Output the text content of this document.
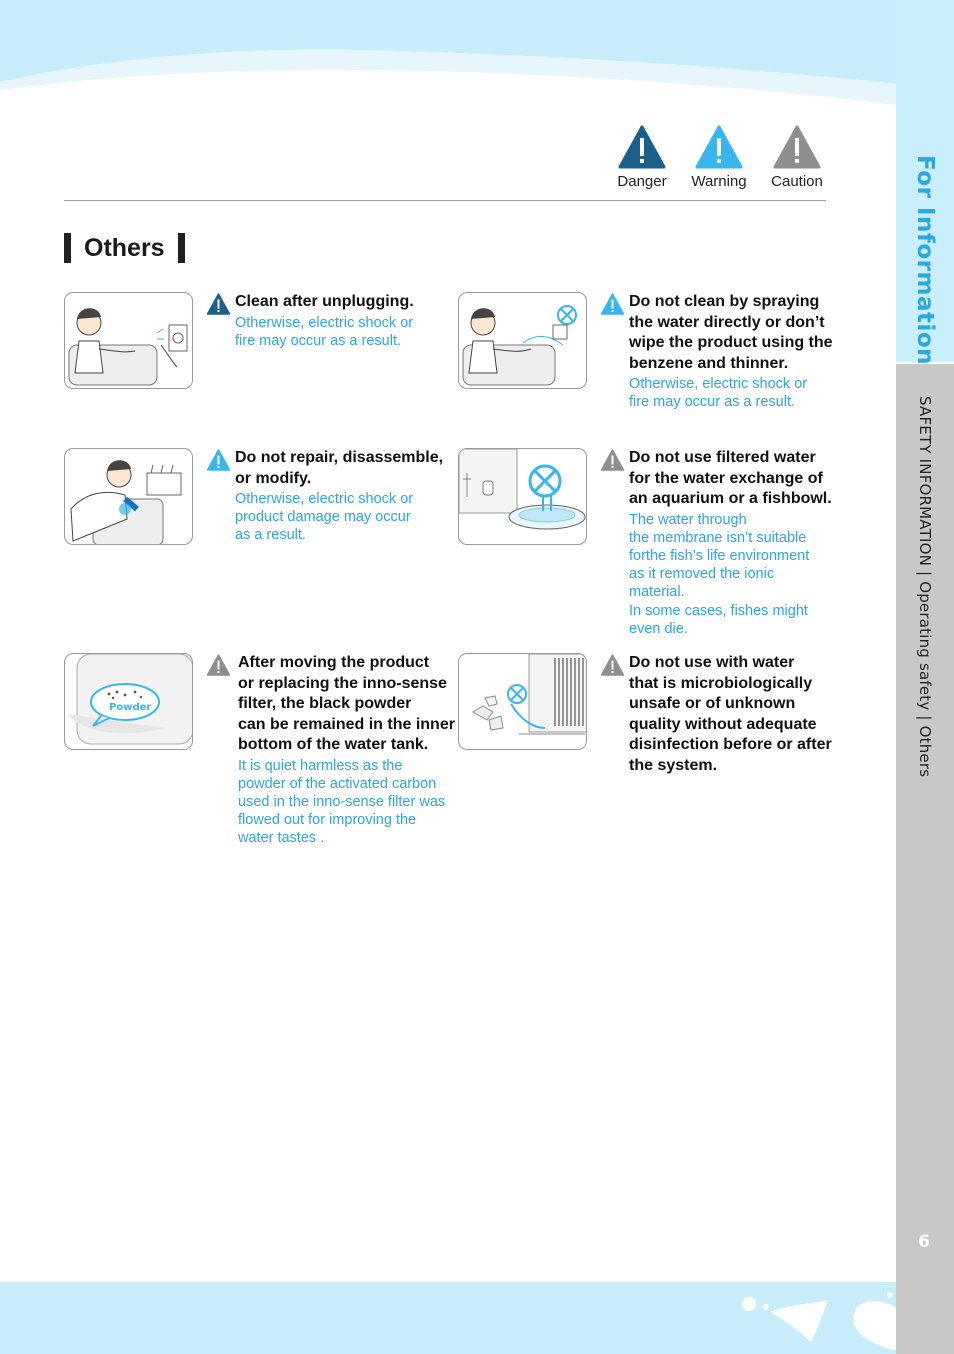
For Information
SAFETY INFORMATION | Operating safety | Others
6
Danger	Warning	Caution
Others
Clean after unplugging.
Otherwise, electric shock or
fire may occur as a result.
Do not clean by spraying
the water directly or don’t
wipe the product using the
benzene and thinner.
Otherwise, electric shock or
fire may occur as a result.
Do not repair, disassemble,
or modify.
Otherwise, electric shock or
product damage may occur
as a result.
Do not use filtered water
for the water exchange of
an aquarium or a fishbowl.
The water through
the membrane isn’t suitable
forthe fish’s life environment
as it removed the ionic
material.
In some cases, fishes might
even die.
Powder
After moving the product
or replacing the inno-sense
filter, the black powder
can be remained in the inner
bottom of the water tank.
It is quiet harmless as the
powder of the activated carbon
used in the inno-sense filter was
flowed out for improving the
water tastes .
Do not use with water
that is microbiologically
unsafe or of unknown
quality without adequate
disinfection before or after
the system.
